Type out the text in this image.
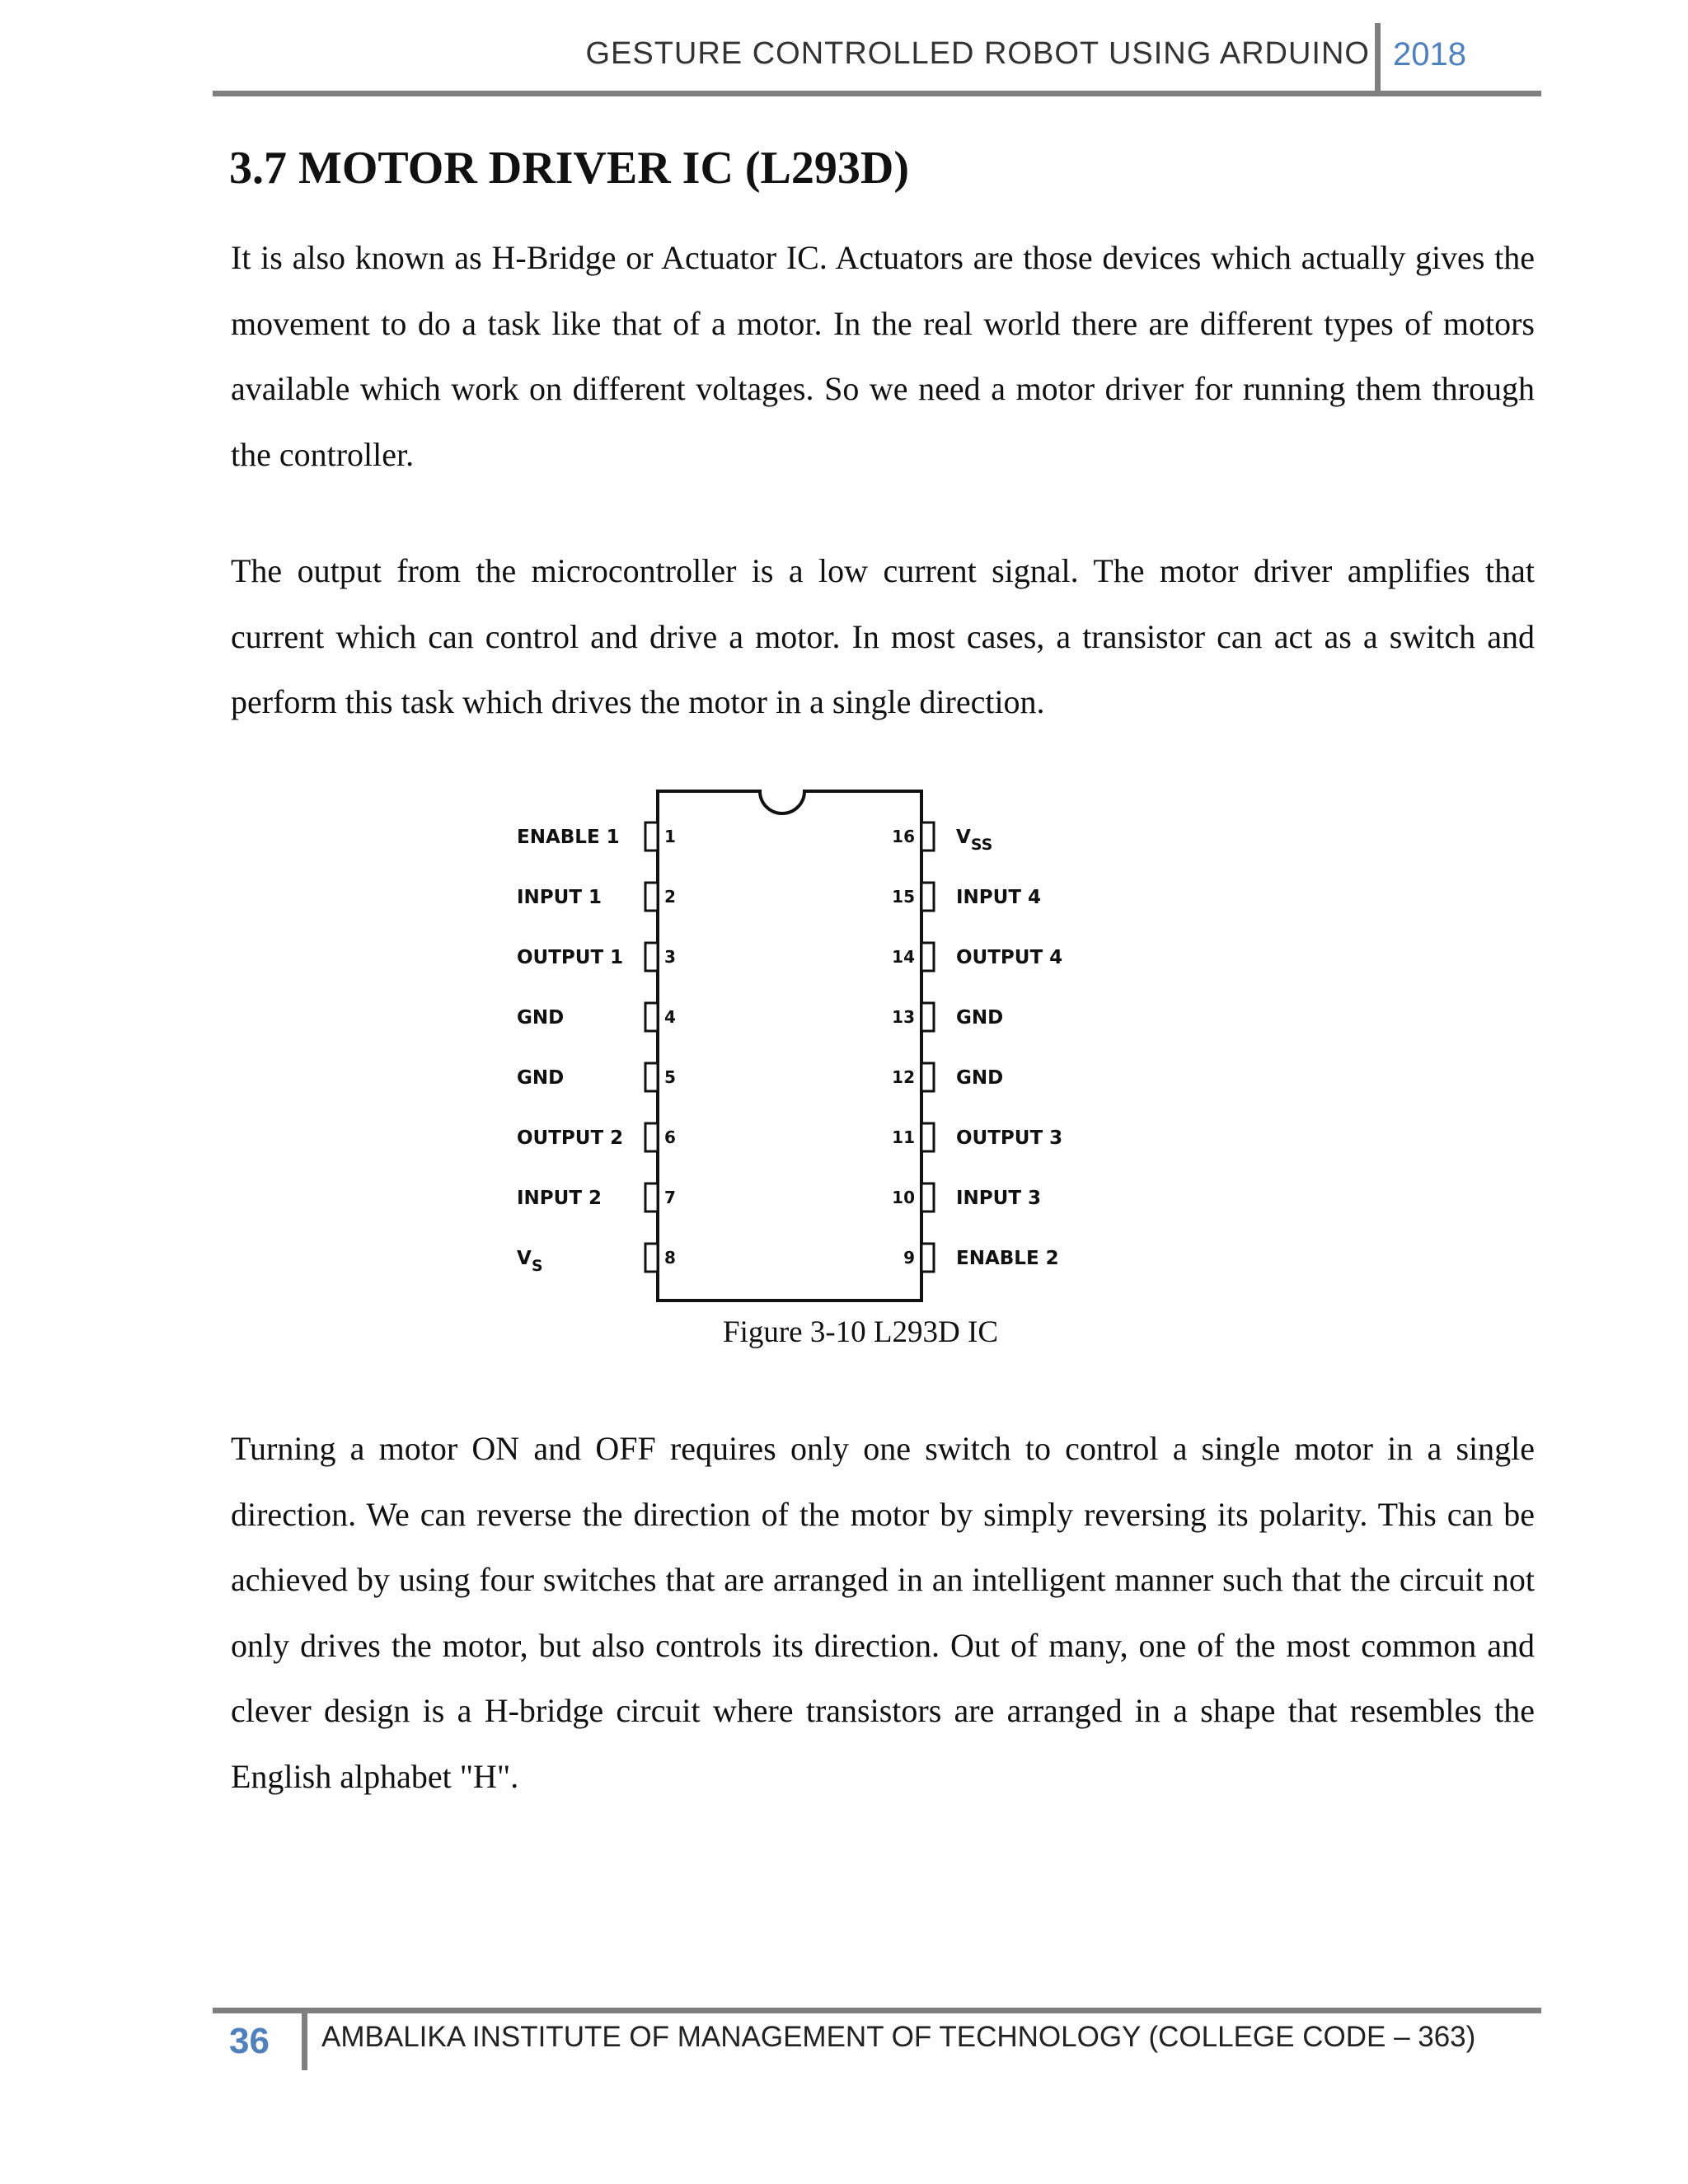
GESTURE CONTROLLED ROBOT USING ARDUINO 2018
3.7 MOTOR DRIVER IC (L293D)

It is also known as H-Bridge or Actuator IC. Actuators are those devices which actually gives the movement to do a task like that of a motor. In the real world there are different types of motors available which work on different voltages. So we need a motor driver for running them through the controller.

The output from the microcontroller is a low current signal. The motor driver amplifies that current which can control and drive a motor. In most cases, a transistor can act as a switch and perform this task which drives the motor in a single direction.

1
ENABLE 1
2
INPUT 1
3
OUTPUT 1
4
GND
5
GND
6
OUTPUT 2
7
INPUT 2
8
$V_S$
16 $V_{SS}$
15 INPUT 4
14 OUTPUT 4
13 GND
12 GND
11 OUTPUT 3
10 INPUT 3
9 ENABLE 2
Figure 3-10 L293D IC

Turning a motor ON and OFF requires only one switch to control a single motor in a single direction. We can reverse the direction of the motor by simply reversing its polarity. This can be achieved by using four switches that are arranged in an intelligent manner such that the circuit not only drives the motor, but also controls its direction. Out of many, one of the most common and clever design is a H-bridge circuit where transistors are arranged in a shape that resembles the English alphabet "H".

36 AMBALIKA INSTITUTE OF MANAGEMENT OF TECHNOLOGY (COLLEGE CODE – 363)
